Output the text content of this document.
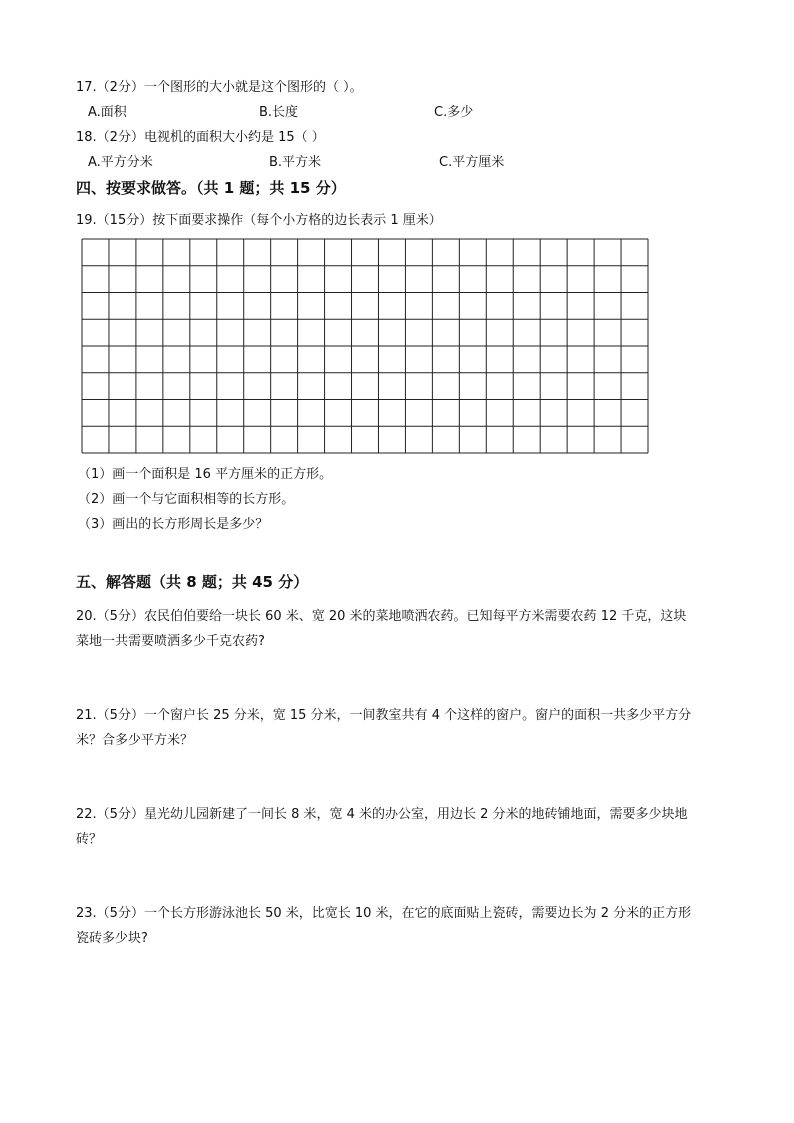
17.（2分）一个图形的大小就是这个图形的（ ）。
A.面积	B.长度	C.多少
18.（2分）电视机的面积大小约是 15（ ）
A.平方分米	B.平方米	C.平方厘米
四、按要求做答。（共 1 题；共 15 分）
19.（15分）按下面要求操作（每个小方格的边长表示 1 厘米）
（1）画一个面积是 16 平方厘米的正方形。
（2）画一个与它面积相等的长方形。
（3）画出的长方形周长是多少？
五、解答题（共 8 题；共 45 分）
20.（5分）农民伯伯要给一块长 60 米、宽 20 米的菜地喷洒农药。已知每平方米需要农药 12 千克，这块
菜地一共需要喷洒多少千克农药?
21.（5分）一个窗户长 25 分米，宽 15 分米，一间教室共有 4 个这样的窗户。窗户的面积一共多少平方分
米？合多少平方米？
22.（5分）星光幼儿园新建了一间长 8 米，宽 4 米的办公室，用边长 2 分米的地砖铺地面，需要多少块地
砖？
23.（5分）一个长方形游泳池长 50 米，比宽长 10 米，在它的底面贴上瓷砖，需要边长为 2 分米的正方形
瓷砖多少块?
